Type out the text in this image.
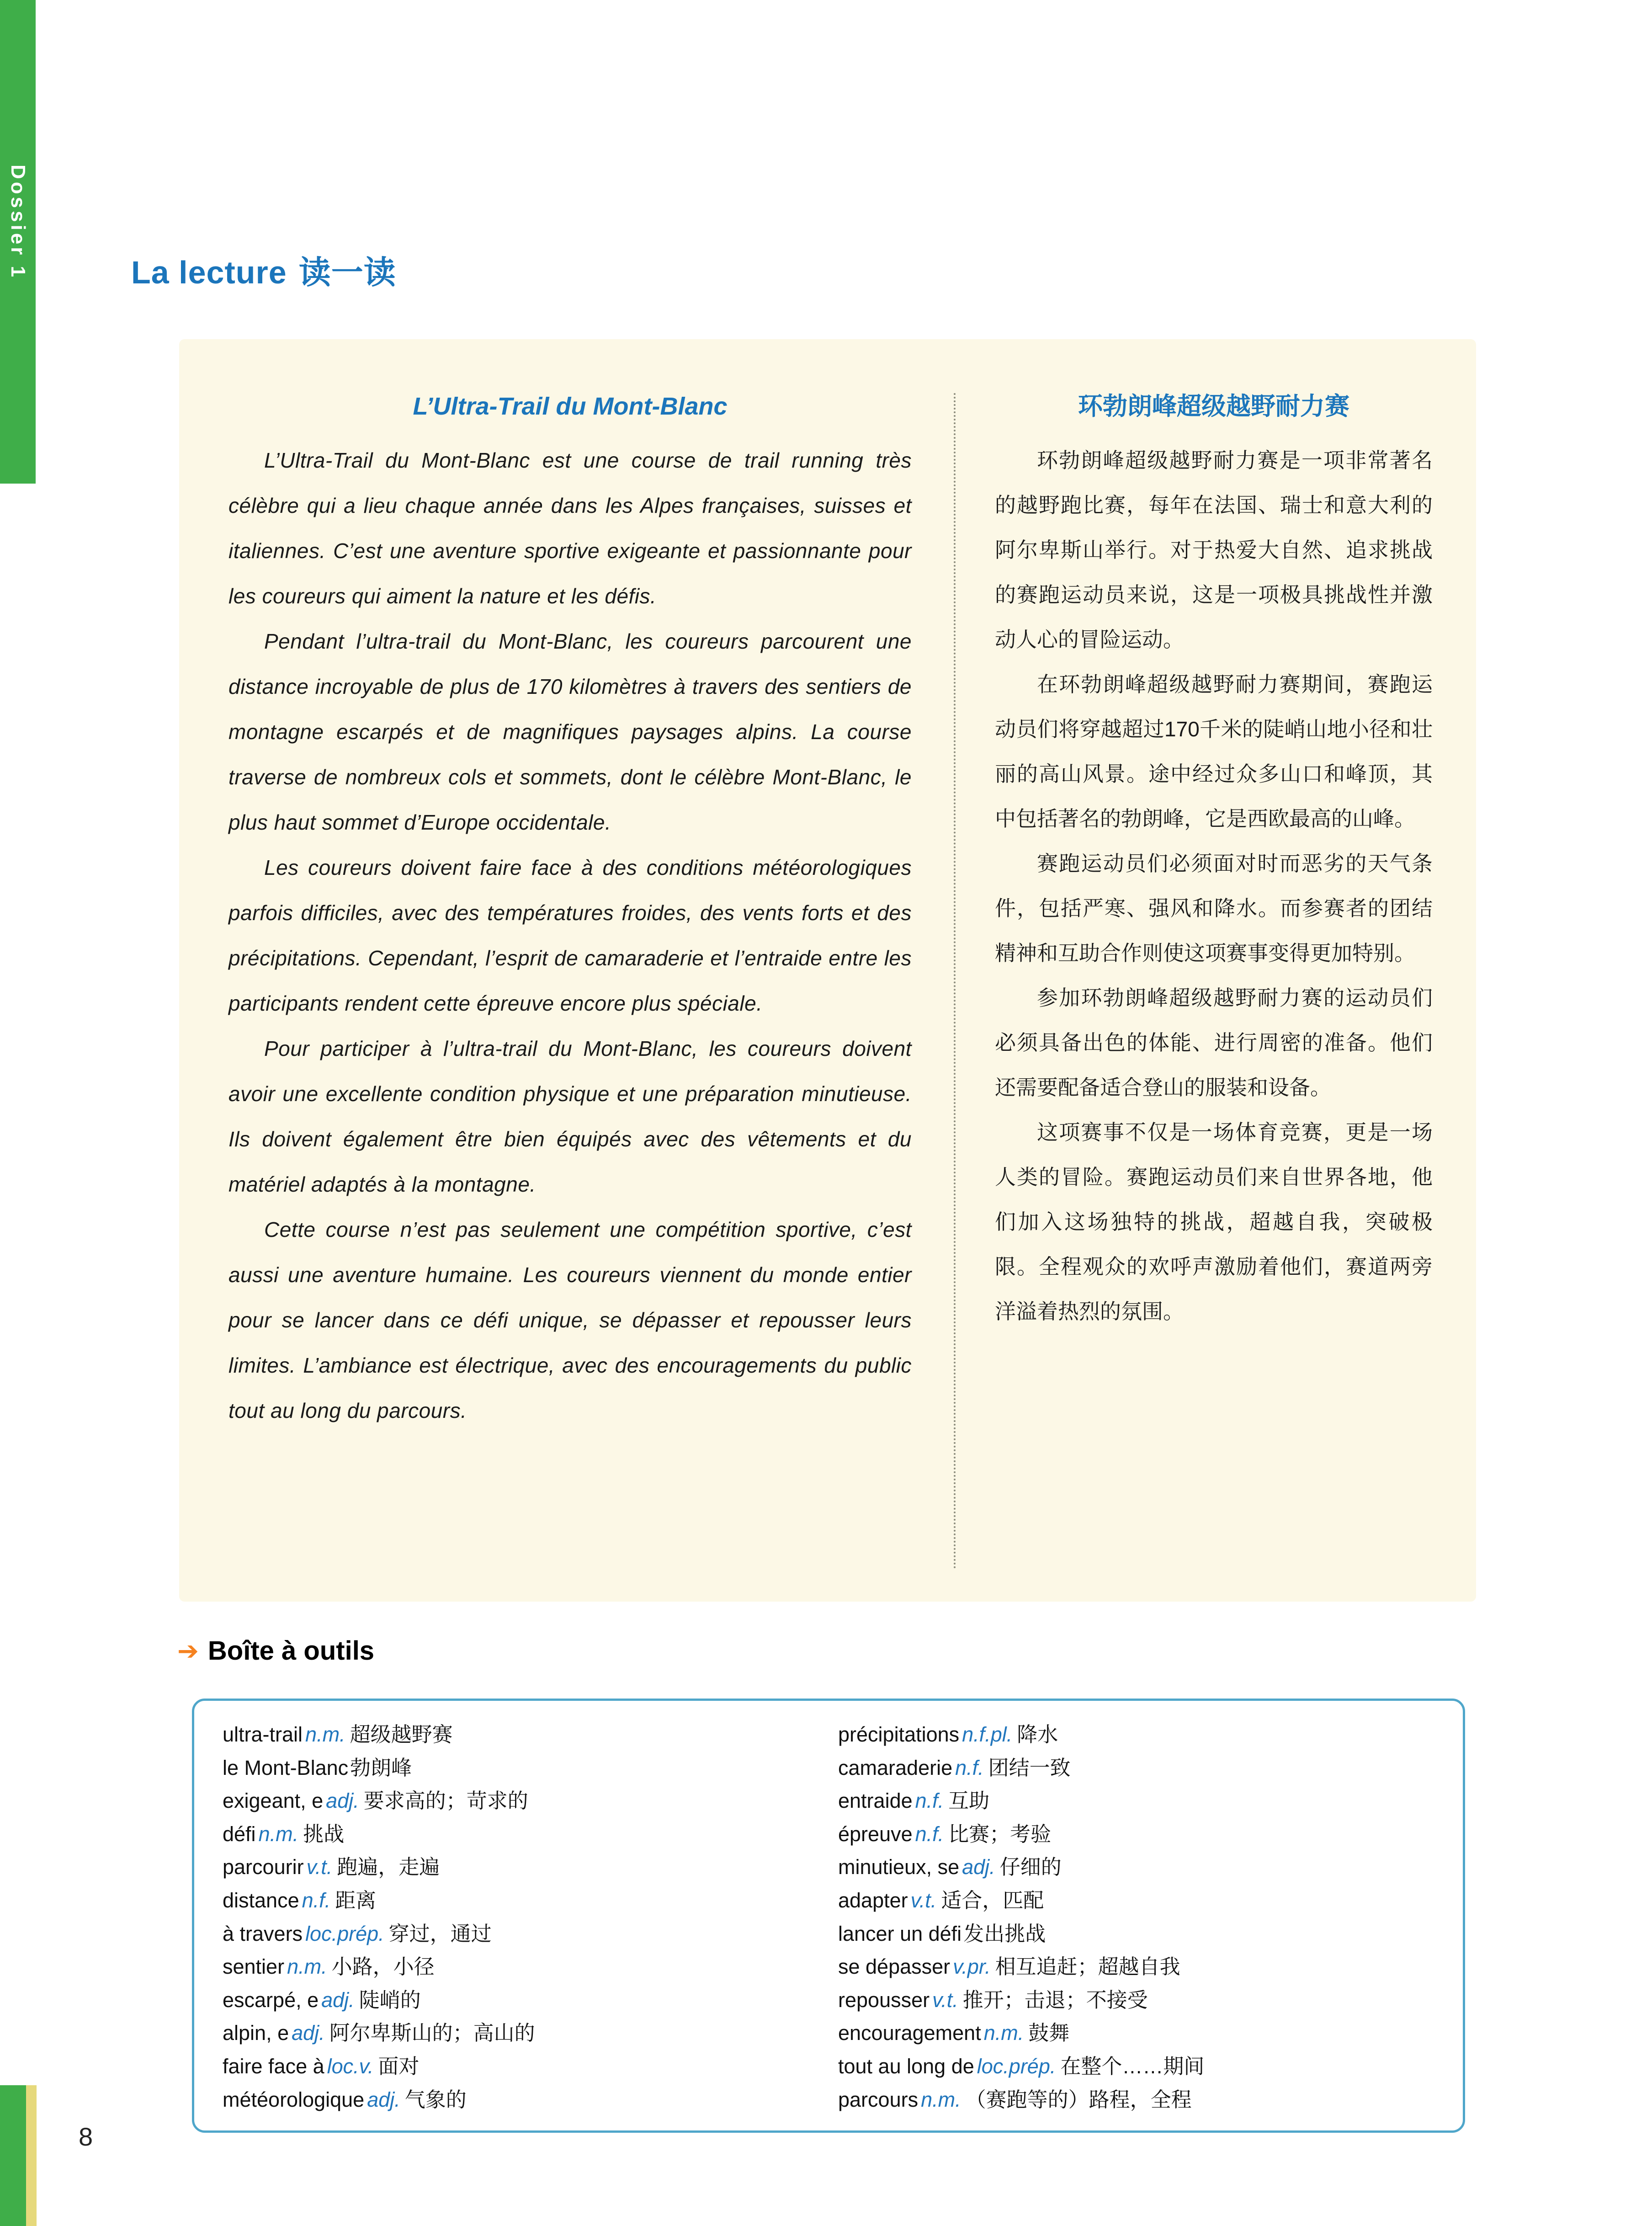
Dossier 1	La lecture 读一读
L’Ultra-Trail du Mont-Blanc

L’Ultra-Trail du Mont-Blanc est une course de trail running très célèbre qui a lieu chaque année dans les Alpes françaises, suisses et italiennes. C’est une aventure sportive exigeante et passionnante pour les coureurs qui aiment la nature et les défis.

Pendant l’ultra-trail du Mont-Blanc, les coureurs parcourent une distance incroyable de plus de 170 kilomètres à travers des sentiers de montagne escarpés et de magnifiques paysages alpins. La course traverse de nombreux cols et sommets, dont le célèbre Mont-Blanc, le plus haut sommet d’Europe occidentale.

Les coureurs doivent faire face à des conditions météorologiques parfois difficiles, avec des températures froides, des vents forts et des précipitations. Cependant, l’esprit de camaraderie et l’entraide entre les participants rendent cette épreuve encore plus spéciale.

Pour participer à l’ultra-trail du Mont-Blanc, les coureurs doivent avoir une excellente condition physique et une préparation minutieuse. Ils doivent également être bien équipés avec des vêtements et du matériel adaptés à la montagne.

Cette course n’est pas seulement une compétition sportive, c’est aussi une aventure humaine. Les coureurs viennent du monde entier pour se lancer dans ce défi unique, se dépasser et repousser leurs limites. L’ambiance est électrique, avec des encouragements du public tout au long du parcours.

环勃朗峰超级越野耐力赛

环勃朗峰超级越野耐力赛是一项非常著名的越野跑比赛，每年在法国、瑞士和意大利的阿尔卑斯山举行。对于热爱大自然、追求挑战的赛跑运动员来说，这是一项极具挑战性并激动人心的冒险运动。

在环勃朗峰超级越野耐力赛期间，赛跑运动员们将穿越超过170千米的陡峭山地小径和壮丽的高山风景。途中经过众多山口和峰顶，其中包括著名的勃朗峰，它是西欧最高的山峰。

赛跑运动员们必须面对时而恶劣的天气条件，包括严寒、强风和降水。而参赛者的团结精神和互助合作则使这项赛事变得更加特别。

参加环勃朗峰超级越野耐力赛的运动员们必须具备出色的体能、进行周密的准备。他们还需要配备适合登山的服装和设备。

这项赛事不仅是一场体育竞赛，更是一场人类的冒险。赛跑运动员们来自世界各地，他们加入这场独特的挑战，超越自我，突破极限。全程观众的欢呼声激励着他们，赛道两旁洋溢着热烈的氛围。

➔ Boîte à outils
ultra-trail n.m. 超级越野赛
le Mont-Blanc勃朗峰
exigeant, e adj. 要求高的；苛求的
défi n.m. 挑战
parcourir v.t. 跑遍，走遍
distance n.f. 距离
à travers loc.prép. 穿过，通过
sentier n.m. 小路，小径
escarpé, e adj. 陡峭的
alpin, e adj. 阿尔卑斯山的；高山的
faire face à loc.v. 面对
météorologique adj. 气象的
précipitations n.f.pl. 降水
camaraderie n.f. 团结一致
entraide n.f. 互助
épreuve n.f. 比赛；考验
minutieux, se adj. 仔细的
adapter v.t. 适合，匹配
lancer un défi发出挑战
se dépasser v.pr. 相互追赶；超越自我
repousser v.t. 推开；击退；不接受
encouragement n.m. 鼓舞
tout au long de loc.prép. 在整个……期间
parcours n.m. （赛跑等的）路程，全程
8
